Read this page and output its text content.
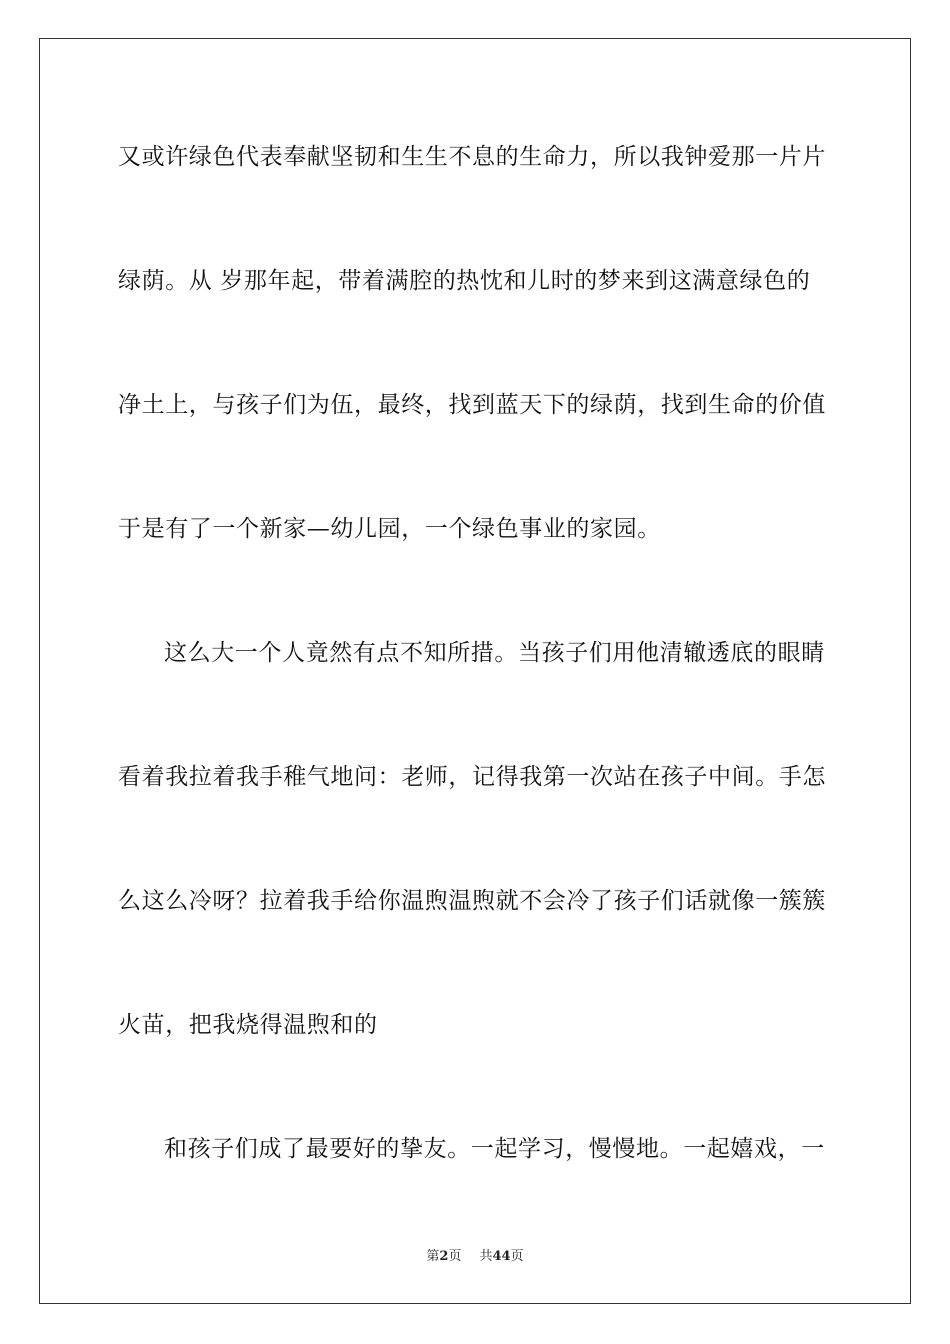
又或许绿色代表奉献坚韧和生生不息的生命力，所以我钟爱那一片片
绿荫。从 岁那年起，带着满腔的热忱和儿时的梦来到这满意绿色的
净土上，与孩子们为伍，最终，找到蓝天下的绿荫，找到生命的价值
于是有了一个新家—幼儿园，一个绿色事业的家园。
这么大一个人竟然有点不知所措。当孩子们用他清辙透底的眼睛
看着我拉着我手稚气地问：老师，记得我第一次站在孩子中间。手怎
么这么冷呀？拉着我手给你温煦温煦就不会冷了孩子们话就像一簇簇
火苗，把我烧得温煦和的
和孩子们成了最要好的挚友。一起学习，慢慢地。一起嬉戏，一
第2页 共44页
